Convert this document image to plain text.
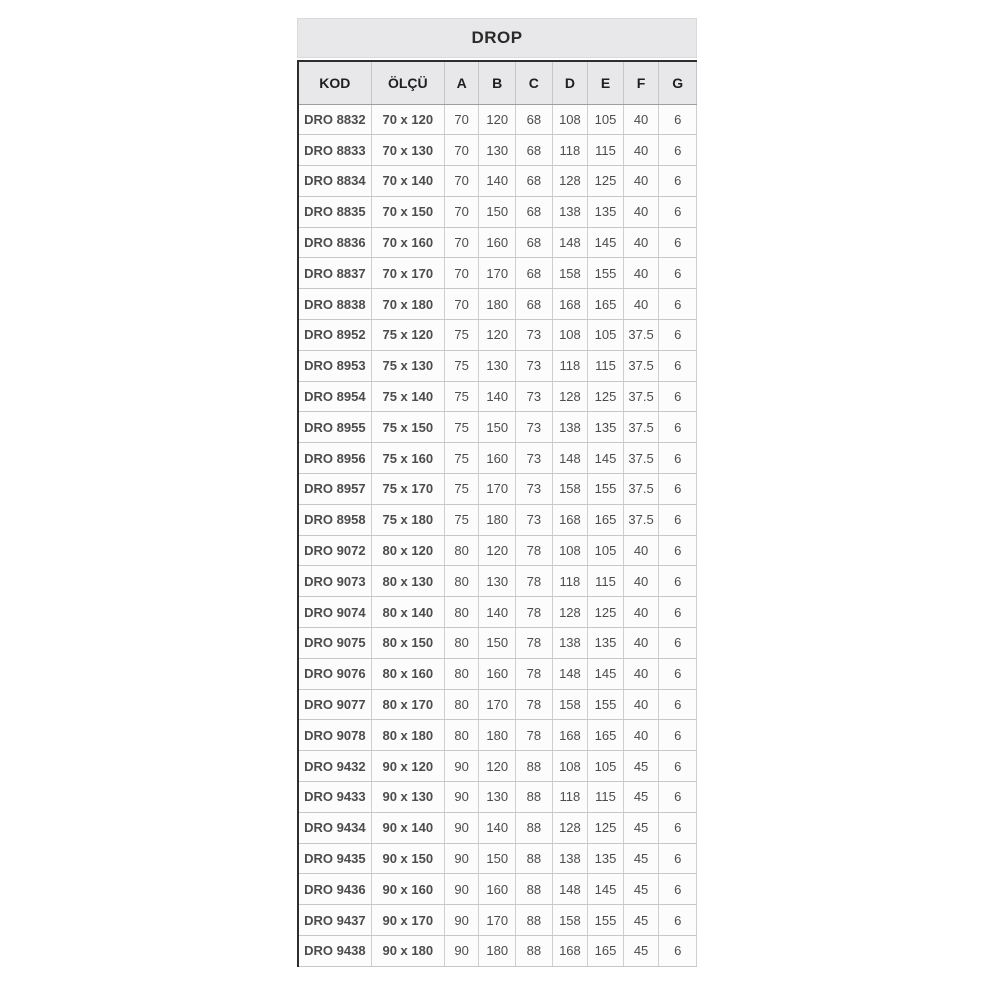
DROP
KOD	ÖLÇÜ	A	B	C	D	E	F	G
DRO 8832	70 x 120	70	120	68	108	105	40	6
DRO 8833	70 x 130	70	130	68	118	115	40	6
DRO 8834	70 x 140	70	140	68	128	125	40	6
DRO 8835	70 x 150	70	150	68	138	135	40	6
DRO 8836	70 x 160	70	160	68	148	145	40	6
DRO 8837	70 x 170	70	170	68	158	155	40	6
DRO 8838	70 x 180	70	180	68	168	165	40	6
DRO 8952	75 x 120	75	120	73	108	105	37.5	6
DRO 8953	75 x 130	75	130	73	118	115	37.5	6
DRO 8954	75 x 140	75	140	73	128	125	37.5	6
DRO 8955	75 x 150	75	150	73	138	135	37.5	6
DRO 8956	75 x 160	75	160	73	148	145	37.5	6
DRO 8957	75 x 170	75	170	73	158	155	37.5	6
DRO 8958	75 x 180	75	180	73	168	165	37.5	6
DRO 9072	80 x 120	80	120	78	108	105	40	6
DRO 9073	80 x 130	80	130	78	118	115	40	6
DRO 9074	80 x 140	80	140	78	128	125	40	6
DRO 9075	80 x 150	80	150	78	138	135	40	6
DRO 9076	80 x 160	80	160	78	148	145	40	6
DRO 9077	80 x 170	80	170	78	158	155	40	6
DRO 9078	80 x 180	80	180	78	168	165	40	6
DRO 9432	90 x 120	90	120	88	108	105	45	6
DRO 9433	90 x 130	90	130	88	118	115	45	6
DRO 9434	90 x 140	90	140	88	128	125	45	6
DRO 9435	90 x 150	90	150	88	138	135	45	6
DRO 9436	90 x 160	90	160	88	148	145	45	6
DRO 9437	90 x 170	90	170	88	158	155	45	6
DRO 9438	90 x 180	90	180	88	168	165	45	6
